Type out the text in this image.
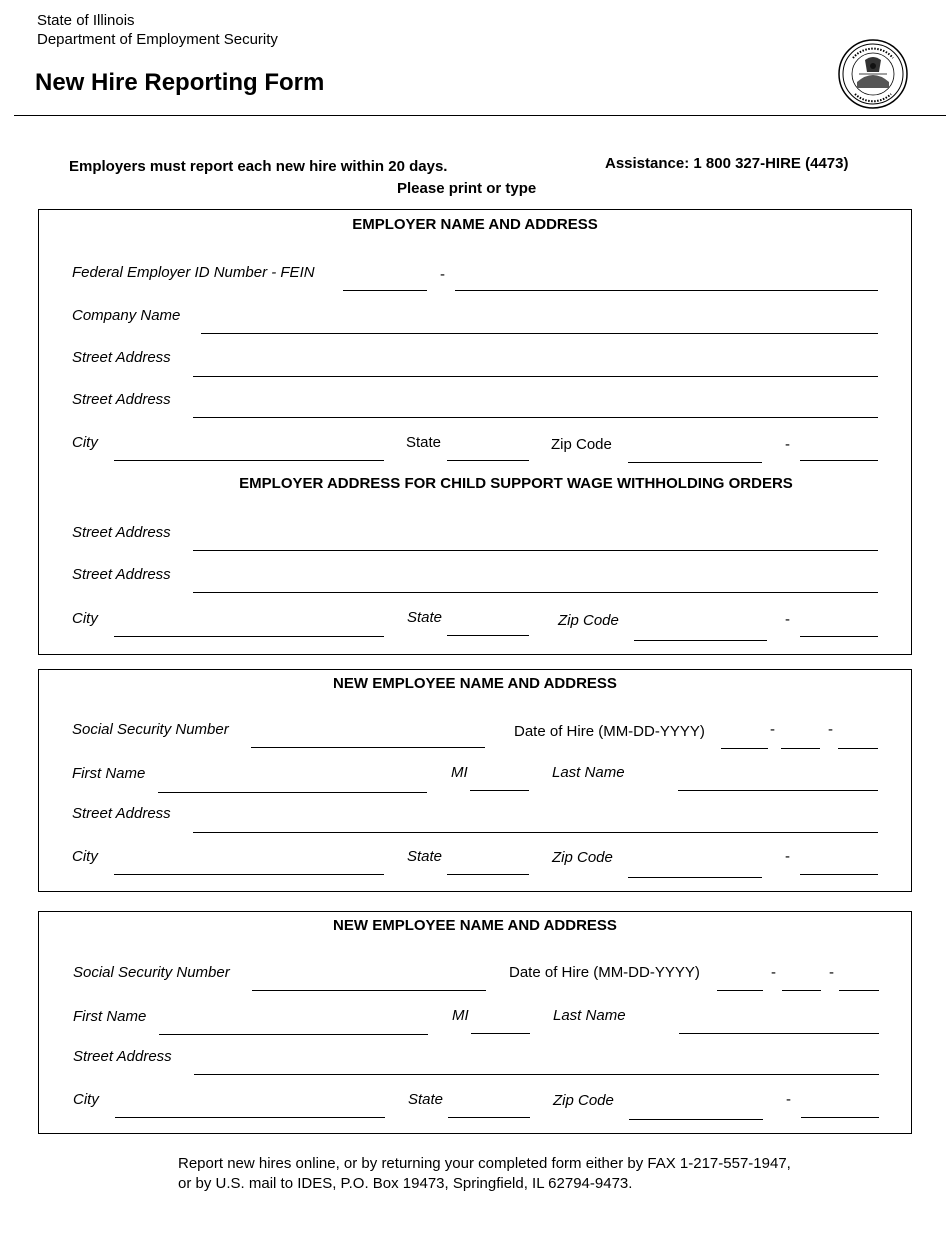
State of Illinois
Department of Employment Security
New Hire Reporting Form
Employers must report each new hire within 20 days.	Assistance: 1 800 327-HIRE (4473)
Please print or type
EMPLOYER NAME AND ADDRESS
Federal Employer ID Number - FEIN	-
Company Name
Street Address
Street Address
City	State	Zip Code	-
EMPLOYER ADDRESS FOR CHILD SUPPORT WAGE WITHHOLDING ORDERS
Street Address
Street Address
City	State	Zip Code	-
NEW EMPLOYEE NAME AND ADDRESS
Social Security Number	Date of Hire (MM-DD-YYYY)	-	-
First Name	MI	Last Name
Street Address
City	State	Zip Code	-
NEW EMPLOYEE NAME AND ADDRESS
Social Security Number	Date of Hire (MM-DD-YYYY)	-	-
First Name	MI	Last Name
Street Address
City	State	Zip Code	-
Report new hires online, or by returning your completed form either by FAX 1-217-557-1947,
or by U.S. mail to IDES, P.O. Box 19473, Springfield, IL 62794-9473.
